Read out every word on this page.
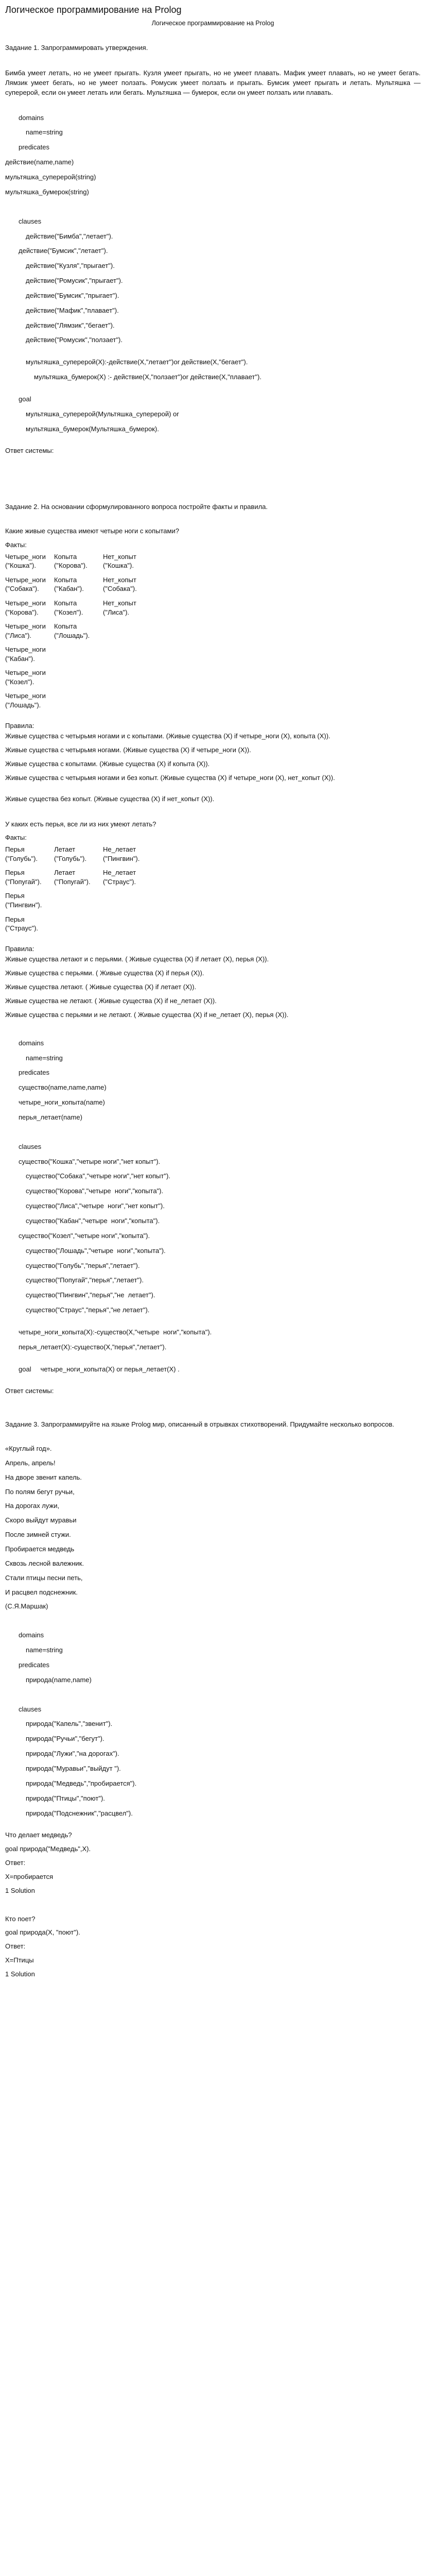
Логическое программирование на Prolog

Логическое программирование на Prolog

Задание 1. Запрограммировать утверждения.

Бимба умеет летать, но не умеет прыгать. Кузля умеет прыгать, но не умеет плавать. Мафик умеет плавать, но не умеет бегать. Лямзик умеет бегать, но не умеет ползать. Ромусик умеет ползать и прыгать. Бумсик умеет прыгать и летать. Мультяшка — суперерой, если он умеет летать или бегать. Мультяшка — бумерок, если он умеет ползать или плавать.

domains

name=string

predicates

действие(name,name)

мультяшка_суперерой(string)

мультяшка_бумерок(string)

clauses

действие("Бимба","летает").

действие("Бумсик","летает").

действие("Кузля","прыгает").

действие("Ромусик","прыгает").

действие("Бумсик","прыгает").

действие("Мафик","плавает").

действие("Лямзик","бегает").

действие("Ромусик","ползает").

мультяшка_суперерой(X):-действие(X,"летает")or действие(X,"бегает").

мультяшка_бумерок(X) :- действие(X,"ползает")or действие(X,"плавает").

goal

мультяшка_суперерой(Мультяшка_суперерой) or

мультяшка_бумерок(Мультяшка_бумерок).

Ответ системы:

Задание 2. На основании сформулированного вопроса постройте факты и правила.

Какие живые существа имеют четыре ноги с копытами?

Факты:

Четыре_ноги
("Кошка").
Копыта
("Корова").
Нет_копыт
("Кошка").
Четыре_ноги
("Собака").
Копыта
("Кабан").
Нет_копыт
("Собака").
Четыре_ноги
("Корова").
Копыта
("Козел").
Нет_копыт
("Лиса").
Четыре_ноги
("Лиса").
Копыта
("Лошадь").
Четыре_ноги
("Кабан").
Четыре_ноги
("Козел").
Четыре_ноги
("Лошадь").

Правила:

Живые существа с четырьмя ногами и с копытами. (Живые существа (X) if четыре_ноги (X), копыта (X)).

Живые существа с четырьмя ногами. (Живые существа (X) if четыре_ноги (X)).

Живые существа с копытами. (Живые существа (X) if копыта (X)).

Живые существа с четырьмя ногами и без копыт. (Живые существа (X) if четыре_ноги (X), нет_копыт (X)).

Живые существа без копыт. (Живые существа (X) if нет_копыт (X)).

У каких есть перья, все ли из них умеют летать?

Факты:

Перья
("Голубь").
Летает
("Голубь").
Не_летает
("Пингвин").
Перья
("Попугай").
Летает
("Попугай").
Не_летает
("Страус").
Перья
("Пингвин").
Перья
("Страус").

Правила:

Живые существа летают и с перьями. ( Живые существа (X) if летает (X), перья (X)).

Живые существа с перьями. ( Живые существа (X) if перья (X)).

Живые существа летают. ( Живые существа (X) if летает (X)).

Живые существа не летают. ( Живые существа (X) if не_летает (X)).

Живые существа с перьями и не летают. ( Живые существа (X) if не_летает (X), перья (X)).

domains

name=string

predicates

существо(name,name,name)

четыре_ноги_копыта(name)

перья_летает(name)

clauses

существо("Кошка","четыре ноги","нет копыт").

существо("Собака","четыре ноги","нет копыт").

существо("Корова","четыре  ноги","копыта").

существо("Лиса","четыре  ноги","нет копыт").

существо("Кабан","четыре  ноги","копыта").

существо("Козел","четыре ноги","копыта").

существо("Лошадь","четыре  ноги","копыта").

существо("Голубь","перья","летает").

существо("Попугай","перья","летает").

существо("Пингвин","перья","не  летает").

существо("Страус","перья","не летает").

четыре_ноги_копыта(X):-существо(X,"четыре  ноги","копыта").

перья_летает(X):-существо(X,"перья","летает").

goal     четыре_ноги_копыта(X) or перья_летает(X) .

Ответ системы:

Задание 3. Запрограммируйте на языке Prolog мир, описанный в отрывках стихотворений. Придумайте несколько вопросов.

«Круглый год».

Апрель, апрель!

На дворе звенит капель.

По полям бегут ручьи,

На дорогах лужи,

Скоро выйдут муравьи

После зимней стужи.

Пробирается медведь

Сквозь лесной валежник.

Стали птицы песни петь,

И расцвел подснежник.

(С.Я.Маршак)

domains

name=string

predicates

природа(name,name)

clauses

природа("Капель","звенит").

природа("Ручьи","бегут").

природа("Лужи","на дорогах").

природа("Муравьи","выйдут ").

природа("Медведь","пробирается").

природа("Птицы","поют").

природа("Подснежник","расцвел").

Что делает медведь?

goal природа("Медведь",X).

Ответ:

X=пробирается

1 Solution

Кто поет?

goal природа(X, "поют").

Ответ:

X=Птицы

1 Solution
